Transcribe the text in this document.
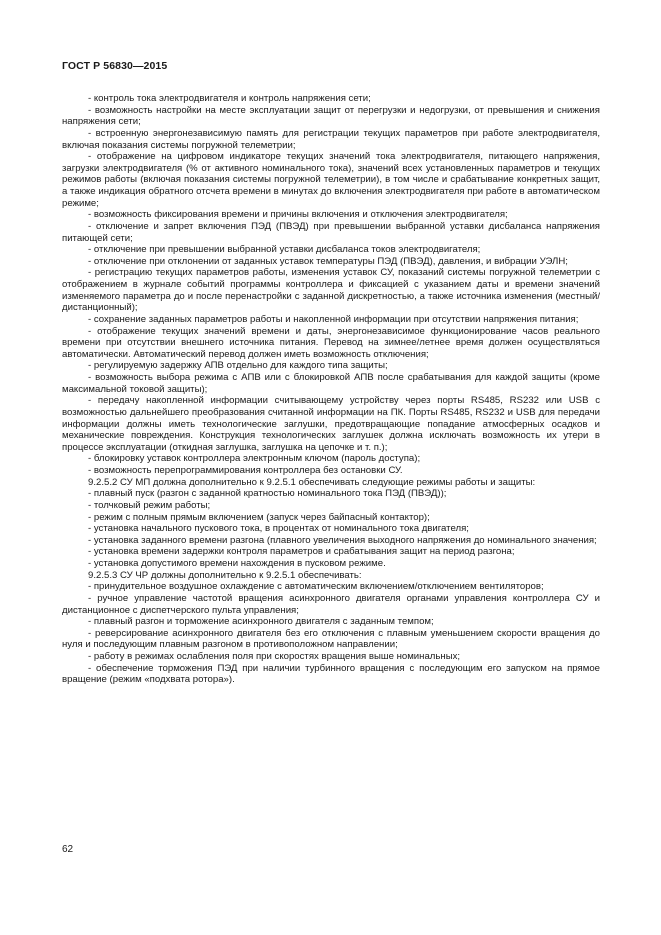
ГОСТ Р 56830—2015

- контроль тока электродвигателя и контроль напряжения сети;

- возможность настройки на месте эксплуатации защит от перегрузки и недогрузки, от превышения и снижения напряжения сети;

- встроенную энергонезависимую память для регистрации текущих параметров при работе электродвигателя, включая показания системы погружной телеметрии;

- отображение на цифровом индикаторе текущих значений тока электродвигателя, питающего напряжения, загрузки электродвигателя (% от активного номинального тока), значений всех установленных параметров и текущих режимов работы (включая показания системы погружной телеметрии), в том числе и срабатывание конкретных защит, а также индикация обратного отсчета времени в минутах до включения электродвигателя при работе в автоматическом режиме;

- возможность фиксирования времени и причины включения и отключения электродвигателя;

- отключение и запрет включения ПЭД (ПВЭД) при превышении выбранной уставки дисбаланса напряжения питающей сети;

- отключение при превышении выбранной уставки дисбаланса токов электродвигателя;

- отключение при отклонении от заданных уставок температуры ПЭД (ПВЭД), давления, и вибрации УЭЛН;

- регистрацию текущих параметров работы, изменения уставок СУ, показаний системы погружной телеметрии с отображением в журнале событий программы контроллера и фиксацией с указанием даты и времени значений изменяемого параметра до и после перенастройки с заданной дискретностью, а также источника изменения (местный/дистанционный);

- сохранение заданных параметров работы и накопленной информации при отсутствии напряжения питания;

- отображение текущих значений времени и даты, энергонезависимое функционирование часов реального времени при отсутствии внешнего источника питания. Перевод на зимнее/летнее время должен осуществляться автоматически. Автоматический перевод должен иметь возможность отключения;

- регулируемую задержку АПВ отдельно для каждого типа защиты;

- возможность выбора режима с АПВ или с блокировкой АПВ после срабатывания для каждой защиты (кроме максимальной токовой защиты);

- передачу накопленной информации считывающему устройству через порты RS485, RS232 или USB с возможностью дальнейшего преобразования считанной информации на ПК. Порты RS485, RS232 и USB для передачи информации должны иметь технологические заглушки, предотвращающие попадание атмосферных осадков и механические повреждения. Конструкция технологических заглушек должна исключать возможность их утери в процессе эксплуатации (откидная заглушка, заглушка на цепочке и т. п.);

- блокировку уставок контроллера электронным ключом (пароль доступа);

- возможность перепрограммирования контроллера без остановки СУ.

9.2.5.2 СУ МП должна дополнительно к 9.2.5.1 обеспечивать следующие режимы работы и защиты:

- плавный пуск (разгон с заданной кратностью номинального тока ПЭД (ПВЭД));

- толчковый режим работы;

- режим с полным прямым включением (запуск через байпасный контактор);

- установка начального пускового тока, в процентах от номинального тока двигателя;

- установка заданного времени разгона (плавного увеличения выходного напряжения до номинального значения;

- установка времени задержки контроля параметров и срабатывания защит на период разгона;

- установка допустимого времени нахождения в пусковом режиме.

9.2.5.3 СУ ЧР должны дополнительно к 9.2.5.1 обеспечивать:

- принудительное воздушное охлаждение с автоматическим включением/отключением вентиляторов;

- ручное управление частотой вращения асинхронного двигателя органами управления контроллера СУ и дистанционное с диспетчерского пульта управления;

- плавный разгон и торможение асинхронного двигателя с заданным темпом;

- реверсирование асинхронного двигателя без его отключения с плавным уменьшением скорости вращения до нуля и последующим плавным разгоном в противоположном направлении;

- работу в режимах ослабления поля при скоростях вращения выше номинальных;

- обеспечение торможения ПЭД при наличии турбинного вращения с последующим его запуском на прямое вращение (режим «подхвата ротора»).

62
